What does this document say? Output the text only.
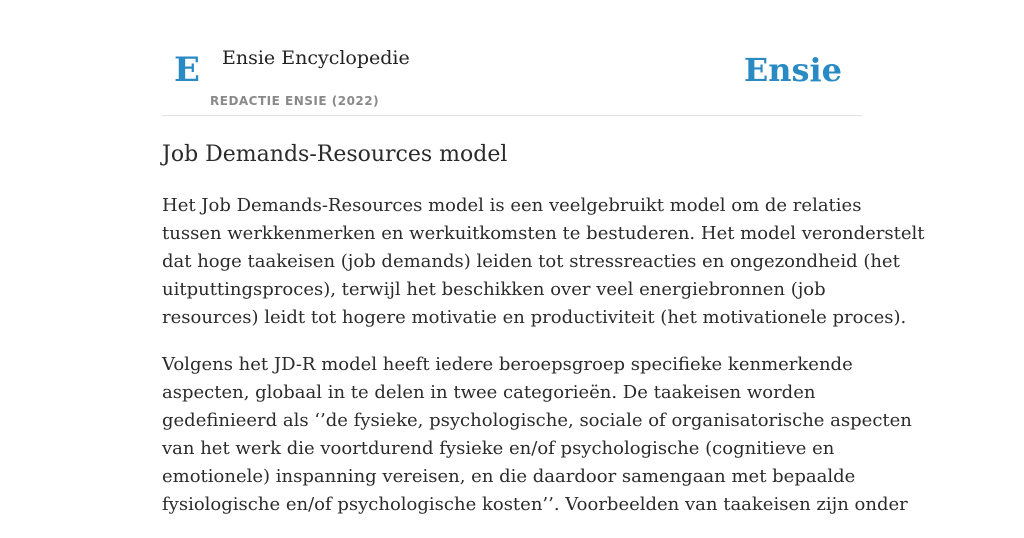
E Ensie Encyclopedie
REDACTIE ENSIE (2022)
Ensie
Job Demands-Resources model

Het Job Demands-Resources model is een veelgebruikt model om de relaties
tussen werkkenmerken en werkuitkomsten te bestuderen. Het model veronderstelt
dat hoge taakeisen (job demands) leiden tot stressreacties en ongezondheid (het
uitputtingsproces), terwijl het beschikken over veel energiebronnen (job
resources) leidt tot hogere motivatie en productiviteit (het motivationele proces).

Volgens het JD-R model heeft iedere beroepsgroep specifieke kenmerkende
aspecten, globaal in te delen in twee categorieën. De taakeisen worden
gedefinieerd als ‘’de fysieke, psychologische, sociale of organisatorische aspecten
van het werk die voortdurend fysieke en/of psychologische (cognitieve en
emotionele) inspanning vereisen, en die daardoor samengaan met bepaalde
fysiologische en/of psychologische kosten’’. Voorbeelden van taakeisen zijn onder
